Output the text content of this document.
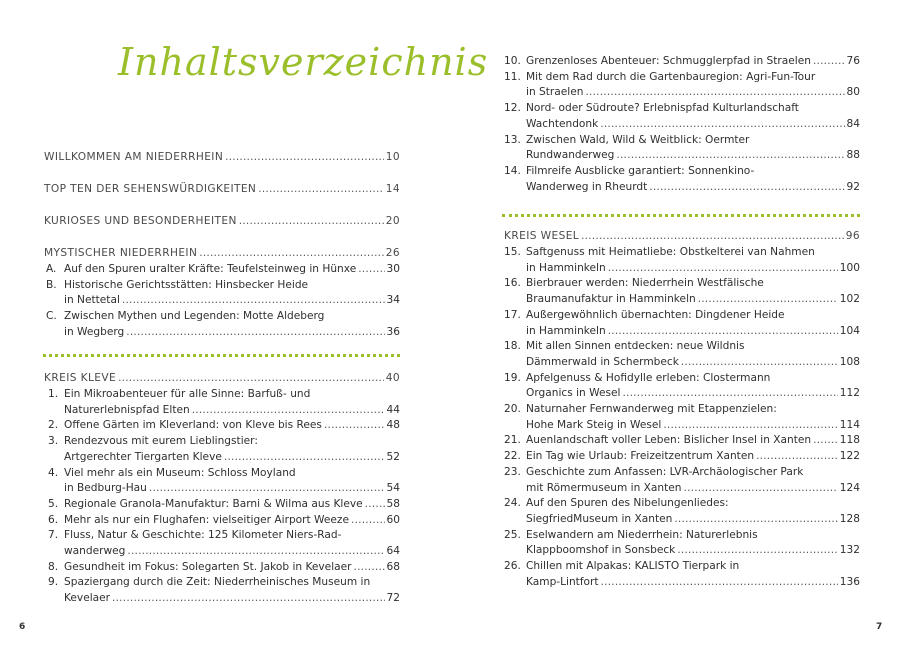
Inhaltsverzeichnis
WILLKOMMEN AM NIEDERRHEIN .....	10
TOP TEN DER SEHENSWÜRDIGKEITEN .....	14
KURIOSES UND BESONDERHEITEN .....	20
MYSTISCHER NIEDERRHEIN .....	26
A. Auf den Spuren uralter Kräfte: Teufelsteinweg in Hünxe .....	30
B. Historische Gerichtsstätten: Hinsbecker Heide
in Nettetal .....	34
C. Zwischen Mythen und Legenden: Motte Aldeberg
in Wegberg .....	36
KREIS KLEVE .....	40
1. Ein Mikroabenteuer für alle Sinne: Barfuß- und
Naturerlebnispfad Elten .....	44
2. Offene Gärten im Kleverland: von Kleve bis Rees .....	48
3. Rendezvous mit eurem Lieblingstier:
Artgerechter Tiergarten Kleve .....	52
4. Viel mehr als ein Museum: Schloss Moyland
in Bedburg-Hau .....	54
5. Regionale Granola-Manufaktur: Barni & Wilma aus Kleve ..... 58
6. Mehr als nur ein Flughafen: vielseitiger Airport Weeze .....	60
7. Fluss, Natur & Geschichte: 125 Kilometer Niers-Rad-
wanderweg .....	64
8. Gesundheit im Fokus: Solegarten St. Jakob in Kevelaer .....	68
9. Spaziergang durch die Zeit: Niederrheinisches Museum in
Kevelaer .....	72
6
10. Grenzenloses Abenteuer: Schmugglerpfad in Straelen .....	76
11. Mit dem Rad durch die Gartenbauregion: Agri-Fun-Tour
in Straelen .....	80
12. Nord- oder Südroute? Erlebnispfad Kulturlandschaft
Wachtendonk .....	84
13. Zwischen Wald, Wild & Weitblick: Oermter
Rundwanderweg .....	88
14. Filmreife Ausblicke garantiert: Sonnenkino-
Wanderweg in Rheurdt .....	92
KREIS WESEL .....	96
15. Saftgenuss mit Heimatliebe: Obstkelterei van Nahmen
in Hamminkeln .....	100
16. Bierbrauer werden: Niederrhein Westfälische
Braumanufaktur in Hamminkeln .....	102
17. Außergewöhnlich übernachten: Dingdener Heide
in Hamminkeln .....	104
18. Mit allen Sinnen entdecken: neue Wildnis
Dämmerwald in Schermbeck .....	108
19. Apfelgenuss & Hofidylle erleben: Clostermann
Organics in Wesel .....	112
20. Naturnaher Fernwanderweg mit Etappenzielen:
Hohe Mark Steig in Wesel .....	114
21. Auenlandschaft voller Leben: Bislicher Insel in Xanten .....	118
22. Ein Tag wie Urlaub: Freizeitzentrum Xanten .....	122
23. Geschichte zum Anfassen: LVR-Archäologischer Park
mit Römermuseum in Xanten .....	124
24. Auf den Spuren des Nibelungenliedes:
SiegfriedMuseum in Xanten .....	128
25. Eselwandern am Niederrhein: Naturerlebnis
Klappboomshof in Sonsbeck .....	132
26. Chillen mit Alpakas: KALISTO Tierpark in
Kamp-Lintfort .....	136
7
